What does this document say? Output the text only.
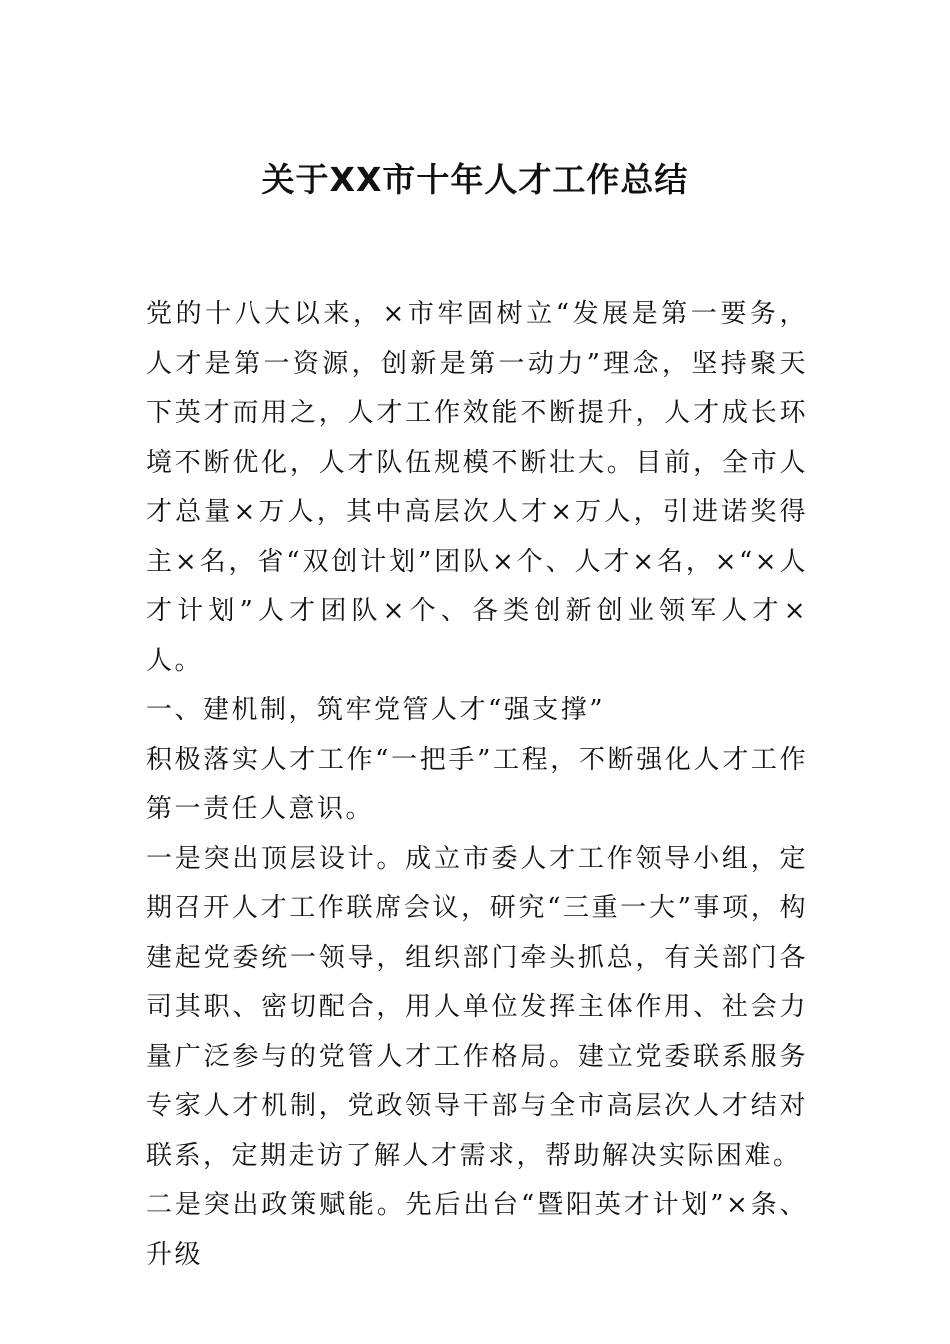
关于XX市十年人才工作总结

党的十八大以来，×市牢固树立“发展是第一要务，人才是第一资源，创新是第一动力”理念，坚持聚天下英才而用之，人才工作效能不断提升，人才成长环境不断优化，人才队伍规模不断壮大。目前，全市人才总量×万人，其中高层次人才×万人，引进诺奖得主×名，省“双创计划”团队×个、人才×名，×“×人才计划”人才团队×个、各类创新创业领军人才×人。

一、建机制，筑牢党管人才“强支撑”

积极落实人才工作“一把手”工程，不断强化人才工作第一责任人意识。

一是突出顶层设计。成立市委人才工作领导小组，定期召开人才工作联席会议，研究“三重一大”事项，构建起党委统一领导，组织部门牵头抓总，有关部门各司其职、密切配合，用人单位发挥主体作用、社会力量广泛参与的党管人才工作格局。建立党委联系服务专家人才机制，党政领导干部与全市高层次人才结对联系，定期走访了解人才需求，帮助解决实际困难。

二是突出政策赋能。先后出台“暨阳英才计划”×条、升级
